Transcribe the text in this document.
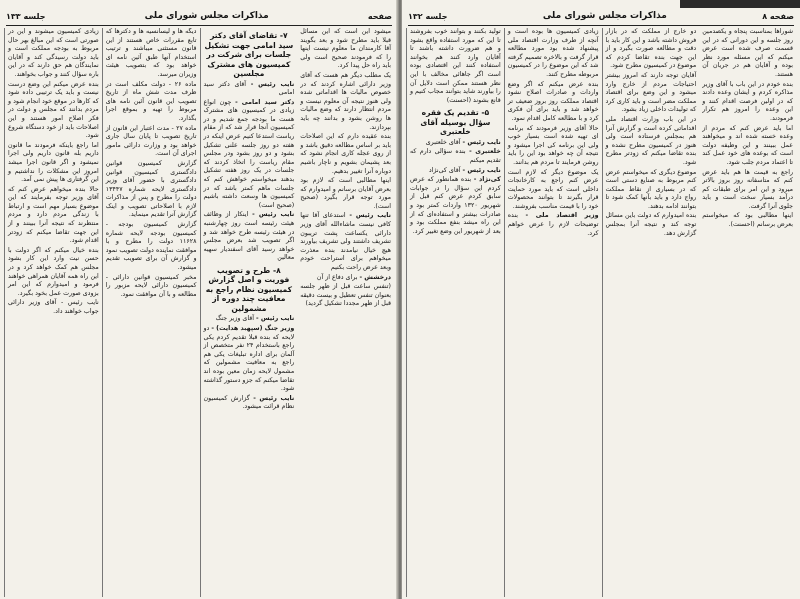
صفحه
مذاکرات مجلس شورای ملی
جلسه ۱۳۳

زیادی کمیسیون میشوند و این در صورتی است که این مبالغ بهر حال مربوط به بودجه مملکت است و باید دولت رسیدگی کند و آقایان نمایندگان هم حق دارند که در این باره سؤال کنند و جواب بخواهند.

بنده عرض میکنم این وضع درست نیست و باید یک ترتیبی داده شود که کارها در موقع خود انجام شود و مردم بدانند که مجلس و دولت در فکر اصلاح امور هستند و این اصلاحات باید از خود دستگاه شروع شود.

اما راجع باینکه فرمودند ما قانون داریم بله قانون داریم ولی اجرا نمیشود و اگر قانون اجرا میشد امروز این مشکلات را نداشتیم و این گرفتاری ها پیش نمی آمد.

حالا بنده میخواهم عرض کنم که آقای وزیر توجه بفرمایند که این موضوع بسیار مهم است و ارتباط با زندگی مردم دارد و مردم منتظرند که نتیجه آنرا ببینند و از این جهت تقاضا میکنم که زودتر اقدام شود.

بنده خیال میکنم که اگر دولت با حسن نیت وارد این کار بشود مجلس هم کمک خواهد کرد و در این راه همه آقایان همراهی خواهند فرمود و امیدوارم که این امر بزودی صورت عمل بخود بگیرد.

نایب رئیس - آقای وزیر دارائی جواب خواهند داد.

دیگه ها و لیسانسیه ها و دکترها که تابع مقررات خاص هستند از این قانون مستثنی میباشند و ترتیب استخدام آنها طبق آئین نامه ای خواهد بود که بتصویب هیئت وزیران میرسد.

ماده ۲۶ - دولت مکلف است در ظرف مدت شش ماه از تاریخ تصویب این قانون آئین نامه های مربوط را تهیه و بموقع اجرا بگذارد.

ماده ۲۷ - مدت اعتبار این قانون از تاریخ تصویب تا پایان سال جاری خواهد بود و وزارت دارائی مامور اجرای آن است.

گزارش کمیسیون قوانین دادگستری کمیسیون قوانین دادگستری با حضور آقای وزیر دادگستری لایحه شماره ۱۳۴۴۷ دولت را مطرح و پس از مذاکرات لازم با اصلاحاتی تصویب و اینک گزارش آنرا تقدیم مینماید.

گزارش کمیسیون بودجه - کمیسیون بودجه لایحه شماره ۱۱۶۲۸ دولت را مطرح و با موافقت نماینده دولت تصویب نمود و گزارش آن برای تصویب تقدیم میشود.

مخبر کمیسیون قوانین دارائی - کمیسیون دارائی لایحه مزبور را مطالعه و با آن موافقت نمود.

۷- تقاضای آقای دکتر سید امامی جهت تشکیل جلسات برای شرکت در کمیسیون های مشترک مجلسین

نایب رئیس - آقای دکتر سید امامی

دکتر سید امامی - چون انواع زیادی در کمیسیون های مشترک هست ما بودجه جمع شدیم و در کمیسیون آنجا قرار شد که از مقام ریاست استدعا کنیم عرض اینکه در هفته دو روز جلسه علنی تشکیل بشود و دو روز بشود ودر مجلس مقام ریاست را اتخاذ کردند که جلسات در یک روز هفته تشکیل بدهند میخواستم خواهش کنم که جلسات ماهم کمتر باشد که در کمیسیون ها وسعت داشته باشیم (صحیح است)

نایب رئیس - اینکار از وظائف هیئت رئیسه است روز چهارشنبه در هیئت رئیسه طرح خواهد شد و اگر تصویب شد بعرض مجلس خواهد رسید آقای اسفندیار سهیه معالین

۸- طرح و تصویب فوریت و اصل گزارش کمیسیون نظام راجع به معافیت چند دوره از مشمولین

نایب رئیس - آقای وزیر جنگ

وزیر جنگ (سپهبد هدایت) - دو لایحه که بنده قبلا تقدیم کردم یکی راجع باستخدام ۲۴ نفر متخصص از آلمان برای اداره تبلیغات یکی هم راجع به معافیت مشمولین که مشمول لایحه زمان معین بوده اند تقاضا میکنم که جزو دستور گذاشته شود.

نایب رئیس - گزارش کمیسیون نظام قرائت میشود.

میشود این است که این مسائل قبلا باید مطرح شود و بعد بگویند آقا کارمندان ما معلوم نیست اینها را که فرمودند صحیح است ولی باید راه حل پیدا کرد.

یک مطلب دیگر هم هست که آقای وزیر دارائی اشاره کردند که در خصوص مالیات ها اقداماتی شده ولی هنوز نتیجه آن معلوم نیست و مردم انتظار دارند که وضع مالیات ها روشن بشود و بدانند چه باید بپردازند.

بنده عقیده دارم که این اصلاحات باید بر اساس مطالعه دقیق باشد و از روی عجله کاری انجام نشود که بعد پشیمان بشویم و ناچار باشیم دوباره آنرا تغییر بدهیم.

اینها مطالبی است که لازم بود بعرض آقایان برسانم و امیدوارم که مورد توجه قرار بگیرد (صحیح است).

نایب رئیس - استدعای آقا تنها کافی نیست ماشاءالله آقای وزیر دارائی یکساعت پشت تریبون تشریف داشتند ولی تشریف بیاورند هیچ خیال نیامدند بنده معذرت میخواهم برای استراحت خودم وبعد عرض راحت بکنیم

درخشش - برای دفاع از آن

(تنفس ساعت قبل از ظهر جلسه بعنوان تنفس تعطیل و بیست دقیقه قبل از ظهر مجددا تشکیل گردید)

صفحه ۸
مذاکرات مجلس شورای ملی
جلسه ۱۳۲

تولید بکنند و بتوانند خوب بفروشند تا این که مورد استفاده واقع بشود و هم ضرورت داشته باشند تا آقایان وارد کنند هم بخوانند استفاده کنند این اقتصادی بوده است اگر جاهائی مخالف با این نظر هستند ممکن است دلایل آن را بیاورند شاید بتوانند مجاب کنیم و قانع بشوند (احسنت)

۵- تقدیم یک فقره سؤال بوسیله آقای خلعتبری

نایب رئیس - آقای خلعتبری

خلعتبری - بنده سؤالی دارم که تقدیم میکنم

نایب رئیس - آقای کی‌نژاد

کی‌نژاد - بنده همانطور که عرض کردم این سؤال را در جوابات سابق کردم عرض کنم قبل از شهریور ۱۳۲۰ واردات کمتر بود و صادرات بیشتر و استفاده‌ای که از این راه میشد بنفع مملکت بود و بعد از شهریور این وضع تغییر کرد.

زیادی کمیسیون ها بوده است و آنچه از طرف وزارت اقتصاد ملی پیشنهاد شده بود مورد مطالعه قرار گرفت و بالاخره تصمیم گرفته شد که این موضوع را در کمیسیون مربوطه مطرح کنند.

بنده عرض میکنم که اگر وضع واردات و صادرات اصلاح نشود اقتصاد مملکت روز بروز ضعیف تر خواهد شد و باید برای آن فکری کرد و با مطالعه کامل اقدام نمود.

حالا آقای وزیر فرمودند که برنامه ای تهیه شده است بسیار خوب ولی این برنامه کی اجرا میشود و نتیجه آن چه خواهد بود این را باید روشن فرمایند تا مردم هم بدانند.

یک موضوع دیگر که لازم است عرض کنم راجع به کارخانجات داخلی است که باید مورد حمایت قرار بگیرند تا بتوانند محصولات خود را با قیمت مناسب بفروشند.

وزیر اقتصاد ملی - بنده توضیحات لازم را عرض خواهم کرد.

دو خارج از مملکت که در بازار فروش داشته باشد و این کار باید با دقت و مطالعه صورت بگیرد و از این جهت بنده تقاضا کردم که موضوع در کمیسیون مطرح شود.

آقایان توجه دارند که امروز بیشتر احتیاجات مردم از خارج وارد میشود و این وضع برای اقتصاد مملکت مضر است و باید کاری کرد که تولیدات داخلی زیاد بشود.

در این باب وزارت اقتصاد ملی اقداماتی کرده است و گزارش آنرا هم بمجلس فرستاده است ولی هنوز در کمیسیون مطرح نشده و بنده تقاضا میکنم که زودتر مطرح شود.

موضوع دیگری که میخواستم عرض کنم مربوط به صنایع دستی است که در بسیاری از نقاط مملکت رواج دارد و باید بآنها کمک شود تا بتوانند ادامه بدهند.

بنده امیدوارم که دولت باین مسائل توجه کند و نتیجه آنرا بمجلس گزارش دهد.

شوراها بمناسبت پنجاه و یکصدمین روز جلسه و این دورانی که در این قسمت صرف شده است عرض میکنم که این مسئله مورد نظر بوده و آقایان هم در جریان آن هستند.

بنده خودم در این باب با آقای وزیر مذاکره کردم و ایشان وعده دادند که در اولین فرصت اقدام کنند و این وعده را امروز هم تکرار فرمودند.

اما باید عرض کنم که مردم از وعده خسته شده اند و میخواهند عمل ببینند و این وظیفه دولت است که بوعده های خود عمل کند تا اعتماد مردم جلب شود.

راجع به قیمت ها هم باید عرض کنم که متاسفانه روز بروز بالاتر میرود و این امر برای طبقات کم درآمد بسیار سخت است و باید جلوی آنرا گرفت.

اینها مطالبی بود که میخواستم بعرض برسانم (احسنت).
